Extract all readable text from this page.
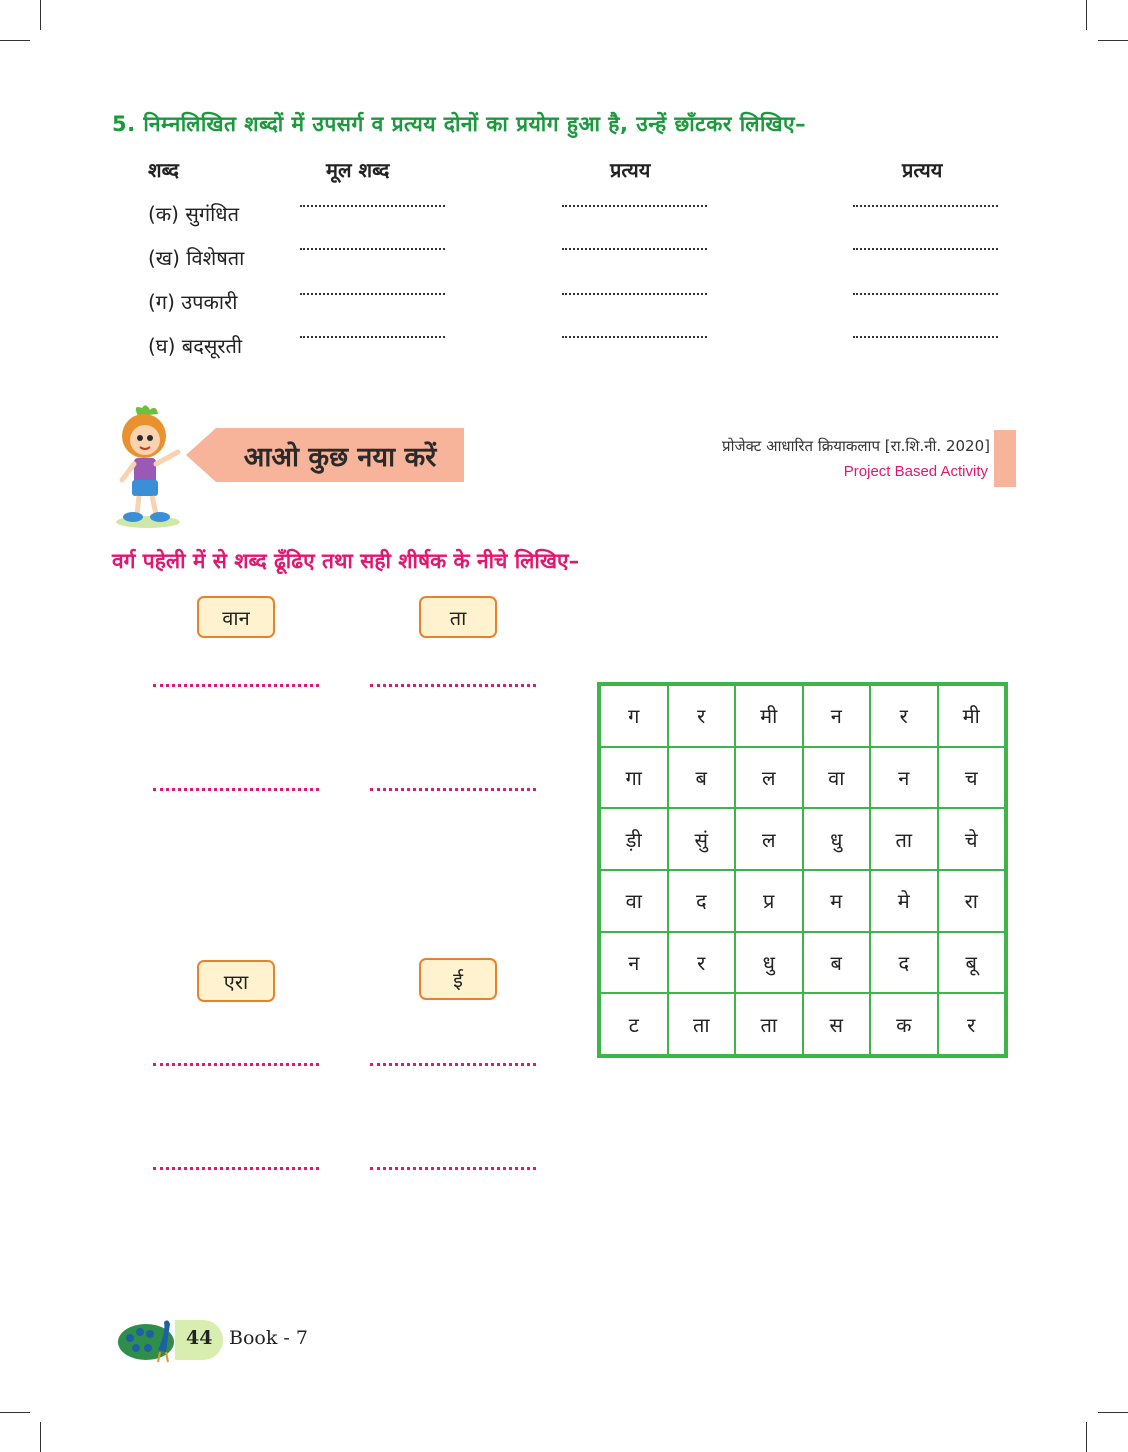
5. निम्नलिखित शब्दों में उपसर्ग व प्रत्यय दोनों का प्रयोग हुआ है, उन्हें छाँटकर लिखिए–
शब्द	मूल शब्द	प्रत्यय	प्रत्यय
(क) सुगंधित
(ख) विशेषता
(ग) उपकारी
(घ) बदसूरती
आओ कुछ नया करें	प्रोजेक्ट आधारित क्रियाकलाप [रा.शि.नी. 2020]
Project Based Activity
वर्ग पहेली में से शब्द ढूँढिए तथा सही शीर्षक के नीचे लिखिए–
वान	ता
एरा	ई
ग	र	मी	न	र	मी
गा	ब	ल	वा	न	च
ड़ी	सुं	ल	धु	ता	चे
वा	द	प्र	म	मे	रा
न	र	धु	ब	द	बू
ट	ता	ता	स	क	र
44 Book - 7
